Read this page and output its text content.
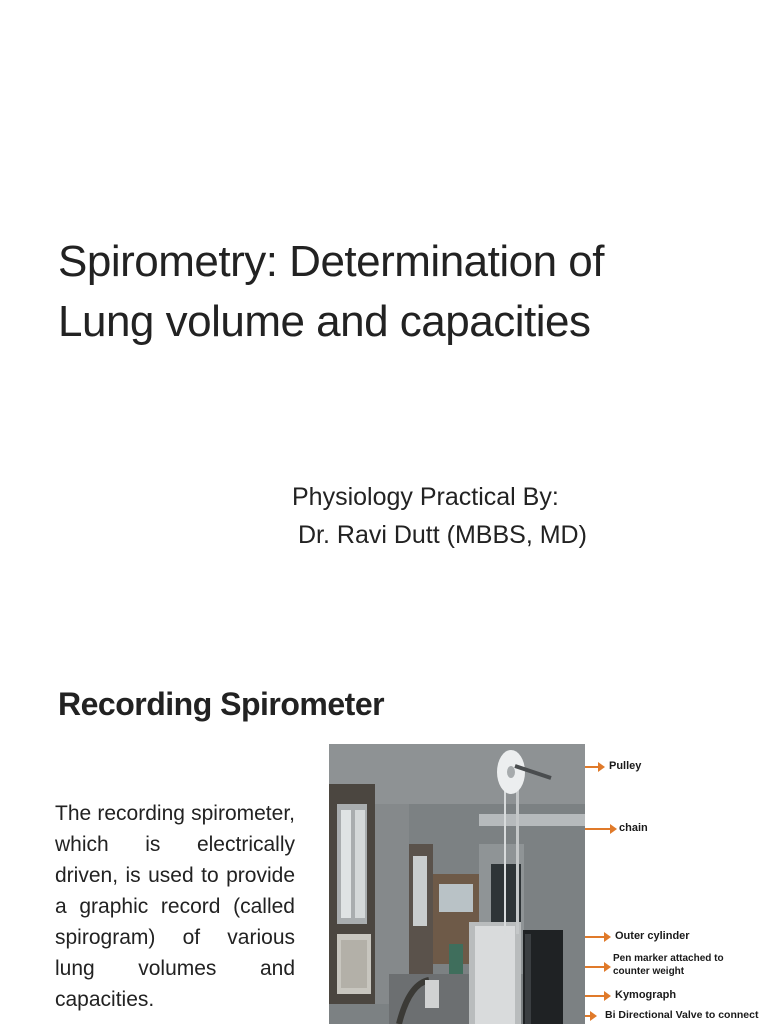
Spirometry: Determination of
Lung volume and capacities
Physiology Practical By:
Dr. Ravi Dutt (MBBS, MD)
Recording Spirometer

The recording spirometer, which is electrically driven, is used to provide a graphic record (called spirogram) of various lung volumes and capacities.

Pulley
chain
Outer cylinder
Pen marker attached to counter weight
Kymograph
Bi Directional Valve to connect
